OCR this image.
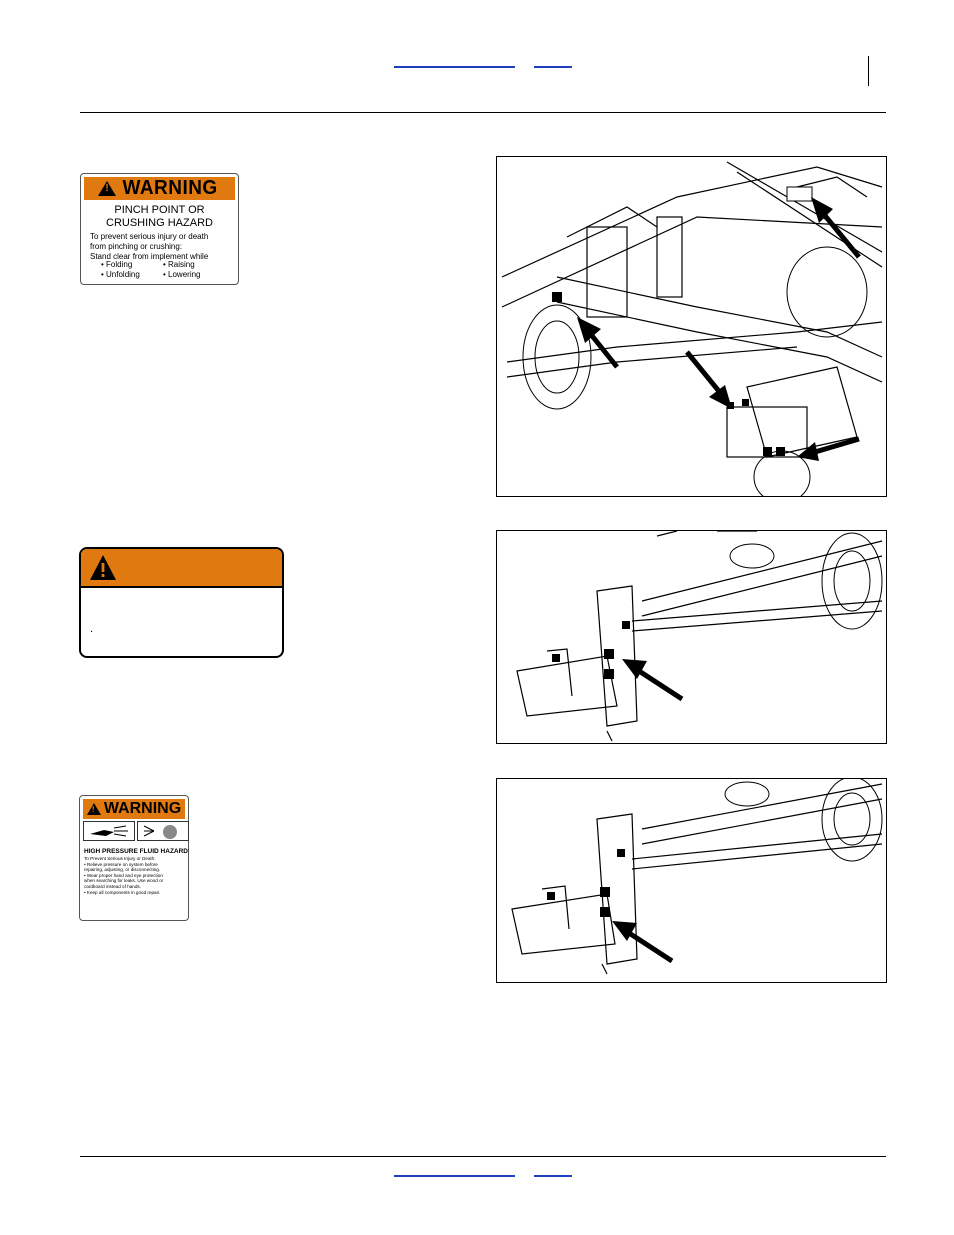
!
WARNING
PINCH POINT OR
CRUSHING HAZARD
To prevent serious injury or death
from pinching or crushing:
Stand clear from implement while
• Folding	• Raising
• Unfolding	• Lowering
.
!
WARNING
HIGH PRESSURE FLUID HAZARD
To Prevent Serious Injury or Death:
• Relieve pressure on system before
repairing, adjusting, or disconnecting.
• Wear proper hand and eye protection
when searching for leaks. Use wood or
cardboard instead of hands.
• Keep all components in good repair.
